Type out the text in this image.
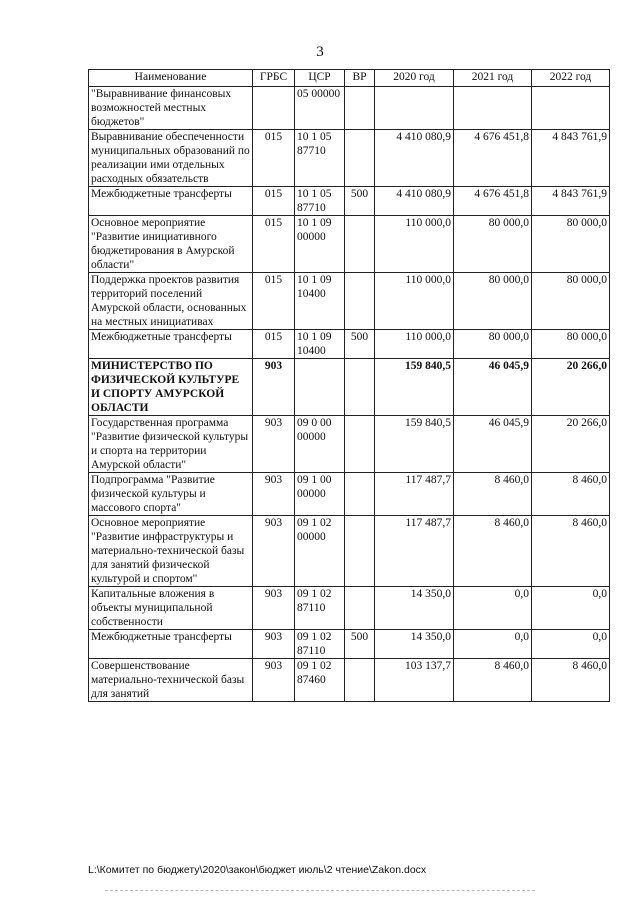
3
Наименование	ГРБС	ЦСР	ВР	2020 год	2021 год	2022 год
"Выравнивание финансовых возможностей местных бюджетов"		05 00000				
Выравнивание обеспеченности муниципальных образований по реализации ими отдельных расходных обязательств	015	10 1 05 87710		4 410 080,9	4 676 451,8	4 843 761,9
Межбюджетные трансферты	015	10 1 05 87710	500	4 410 080,9	4 676 451,8	4 843 761,9
Основное мероприятие "Развитие инициативного бюджетирования в Амурской области"	015	10 1 09 00000		110 000,0	80 000,0	80 000,0
Поддержка проектов развития территорий поселений Амурской области, основанных на местных инициативах	015	10 1 09 10400		110 000,0	80 000,0	80 000,0
Межбюджетные трансферты	015	10 1 09 10400	500	110 000,0	80 000,0	80 000,0
МИНИСТЕРСТВО ПО ФИЗИЧЕСКОЙ КУЛЬТУРЕ И СПОРТУ АМУРСКОЙ ОБЛАСТИ	903			159 840,5	46 045,9	20 266,0
Государственная программа "Развитие физической культуры и спорта на территории Амурской области"	903	09 0 00 00000		159 840,5	46 045,9	20 266,0
Подпрограмма "Развитие физической культуры и массового спорта"	903	09 1 00 00000		117 487,7	8 460,0	8 460,0
Основное мероприятие "Развитие инфраструктуры и материально-технической базы для занятий физической культурой и спортом"	903	09 1 02 00000		117 487,7	8 460,0	8 460,0
Капитальные вложения в объекты муниципальной собственности	903	09 1 02 87110		14 350,0	0,0	0,0
Межбюджетные трансферты	903	09 1 02 87110	500	14 350,0	0,0	0,0
Совершенствование материально-технической базы для занятий	903	09 1 02 87460		103 137,7	8 460,0	8 460,0
L:\Комитет по бюджету\2020\закон\бюджет июль\2 чтение\Zakon.docx
